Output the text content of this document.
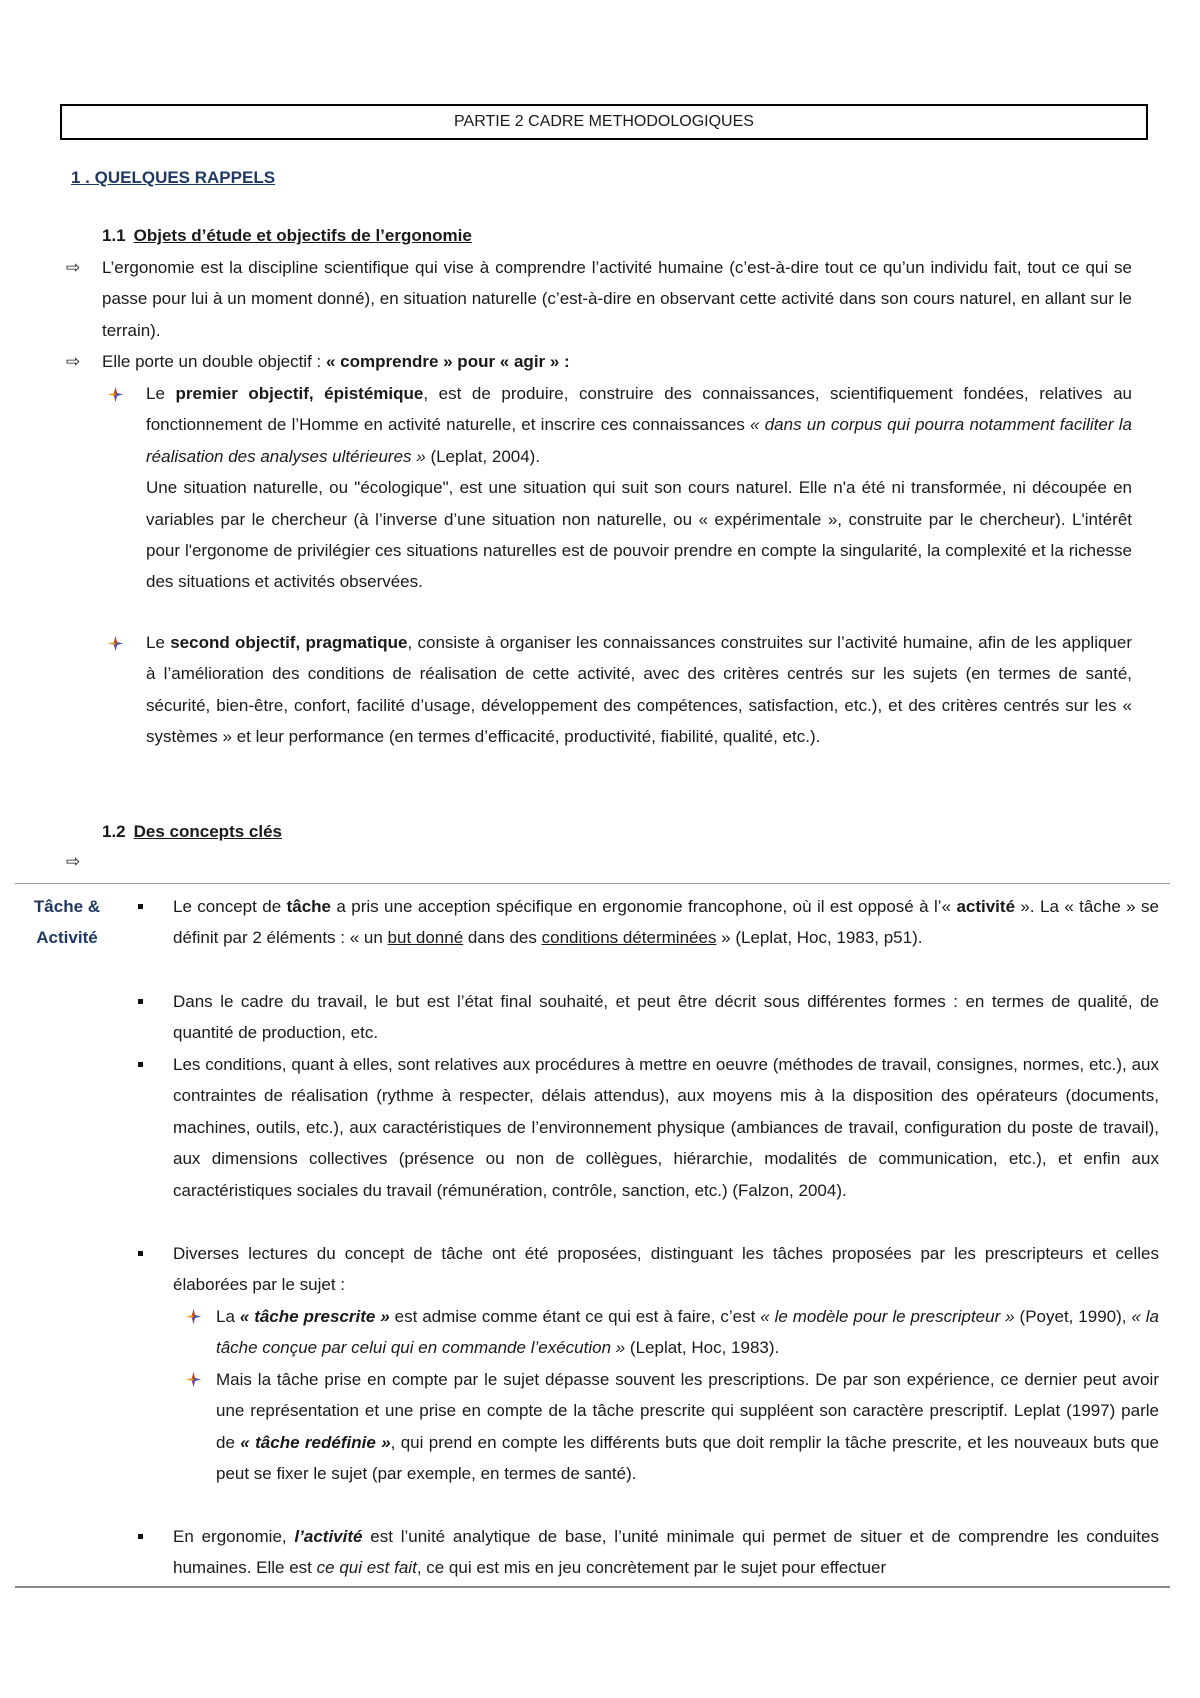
PARTIE 2 CADRE METHODOLOGIQUES
1 . QUELQUES RAPPELS
1.1 Objets d’étude et objectifs de l’ergonomie
⇨ L’ergonomie est la discipline scientifique qui vise à comprendre l’activité humaine (c’est-à-dire tout ce qu’un individu fait, tout ce qui se passe pour lui à un moment donné), en situation naturelle (c’est-à-dire en observant cette activité dans son cours naturel, en allant sur le terrain).
⇨ Elle porte un double objectif : « comprendre » pour « agir » :
Le premier objectif, épistémique, est de produire, construire des connaissances, scientifiquement fondées, relatives au fonctionnement de l’Homme en activité naturelle, et inscrire ces connaissances « dans un corpus qui pourra notamment faciliter la réalisation des analyses ultérieures » (Leplat, 2004).
Une situation naturelle, ou "écologique", est une situation qui suit son cours naturel. Elle n'a été ni transformée, ni découpée en variables par le chercheur (à l’inverse d’une situation non naturelle, ou « expérimentale », construite par le chercheur). L'intérêt pour l'ergonome de privilégier ces situations naturelles est de pouvoir prendre en compte la singularité, la complexité et la richesse des situations et activités observées.
Le second objectif, pragmatique, consiste à organiser les connaissances construites sur l’activité humaine, afin de les appliquer à l’amélioration des conditions de réalisation de cette activité, avec des critères centrés sur les sujets (en termes de santé, sécurité, bien-être, confort, facilité d’usage, développement des compétences, satisfaction, etc.), et des critères centrés sur les « systèmes » et leur performance (en termes d’efficacité, productivité, fiabilité, qualité, etc.).
1.2 Des concepts clés
⇨
Tâche &
Activité
Le concept de tâche a pris une acception spécifique en ergonomie francophone, où il est opposé à l’« activité ». La « tâche » se définit par 2 éléments : « un but donné dans des conditions déterminées » (Leplat, Hoc, 1983, p51).
Dans le cadre du travail, le but est l’état final souhaité, et peut être décrit sous différentes formes : en termes de qualité, de quantité de production, etc.
Les conditions, quant à elles, sont relatives aux procédures à mettre en oeuvre (méthodes de travail, consignes, normes, etc.), aux contraintes de réalisation (rythme à respecter, délais attendus), aux moyens mis à la disposition des opérateurs (documents, machines, outils, etc.), aux caractéristiques de l’environnement physique (ambiances de travail, configuration du poste de travail), aux dimensions collectives (présence ou non de collègues, hiérarchie, modalités de communication, etc.), et enfin aux caractéristiques sociales du travail (rémunération, contrôle, sanction, etc.) (Falzon, 2004).
Diverses lectures du concept de tâche ont été proposées, distinguant les tâches proposées par les prescripteurs et celles élaborées par le sujet :
La « tâche prescrite » est admise comme étant ce qui est à faire, c’est « le modèle pour le prescripteur » (Poyet, 1990), « la tâche conçue par celui qui en commande l’exécution » (Leplat, Hoc, 1983).
Mais la tâche prise en compte par le sujet dépasse souvent les prescriptions. De par son expérience, ce dernier peut avoir une représentation et une prise en compte de la tâche prescrite qui suppléent son caractère prescriptif. Leplat (1997) parle de « tâche redéfinie », qui prend en compte les différents buts que doit remplir la tâche prescrite, et les nouveaux buts que peut se fixer le sujet (par exemple, en termes de santé).
En ergonomie, l’activité est l’unité analytique de base, l’unité minimale qui permet de situer et de comprendre les conduites humaines. Elle est ce qui est fait, ce qui est mis en jeu concrètement par le sujet pour effectuer
